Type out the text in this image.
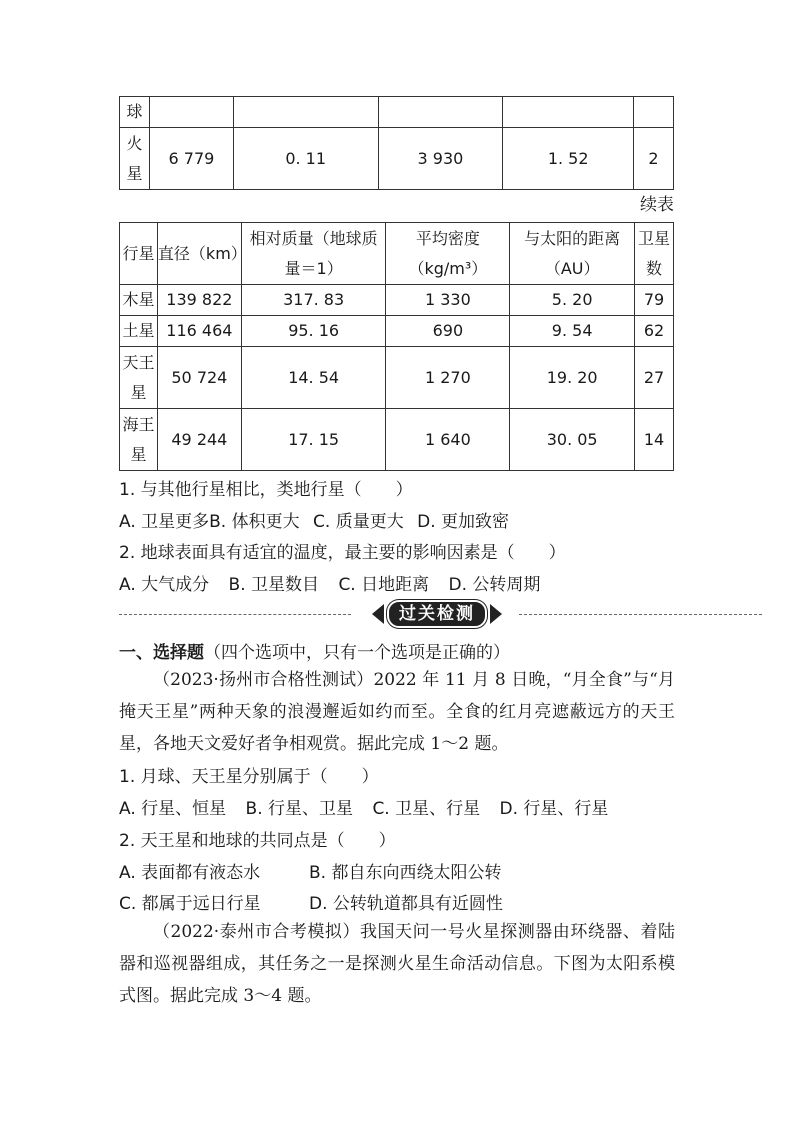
球					
火星	6 779	0. 11	3 930	1. 52	2
续表
行星	直径（km）	相对质量（地球质量＝1）	平均密度（kg/m³）	与太阳的距离（AU）	卫星数
木星	139 822	317. 83	1 330	5. 20	79
土星	116 464	95. 16	690	9. 54	62
天王星	50 724	14. 54	1 270	19. 20	27
海王星	49 244	17. 15	1 640	30. 05	14
1. 与其他行星相比，类地行星（　　）
A. 卫星更多B. 体积更大 C. 质量更大 D. 更加致密
2. 地球表面具有适宜的温度，最主要的影响因素是（　　）
A. 大气成分 B. 卫星数目 C. 日地距离 D. 公转周期
过关检测
一、选择题（四个选项中，只有一个选项是正确的）
（2023·扬州市合格性测试）2022 年 11 月 8 日晚，“月全食”与“月掩天王星”两种天象的浪漫邂逅如约而至。全食的红月亮遮蔽远方的天王星，各地天文爱好者争相观赏。据此完成 1～2 题。
1. 月球、天王星分别属于（　　）
A. 行星、恒星 B. 行星、卫星 C. 卫星、行星 D. 行星、行星
2. 天王星和地球的共同点是（　　）
A. 表面都有液态水	B. 都自东向西绕太阳公转
C. 都属于远日行星	D. 公转轨道都具有近圆性
（2022·泰州市合考模拟）我国天问一号火星探测器由环绕器、着陆器和巡视器组成，其任务之一是探测火星生命活动信息。下图为太阳系模式图。据此完成 3～4 题。
